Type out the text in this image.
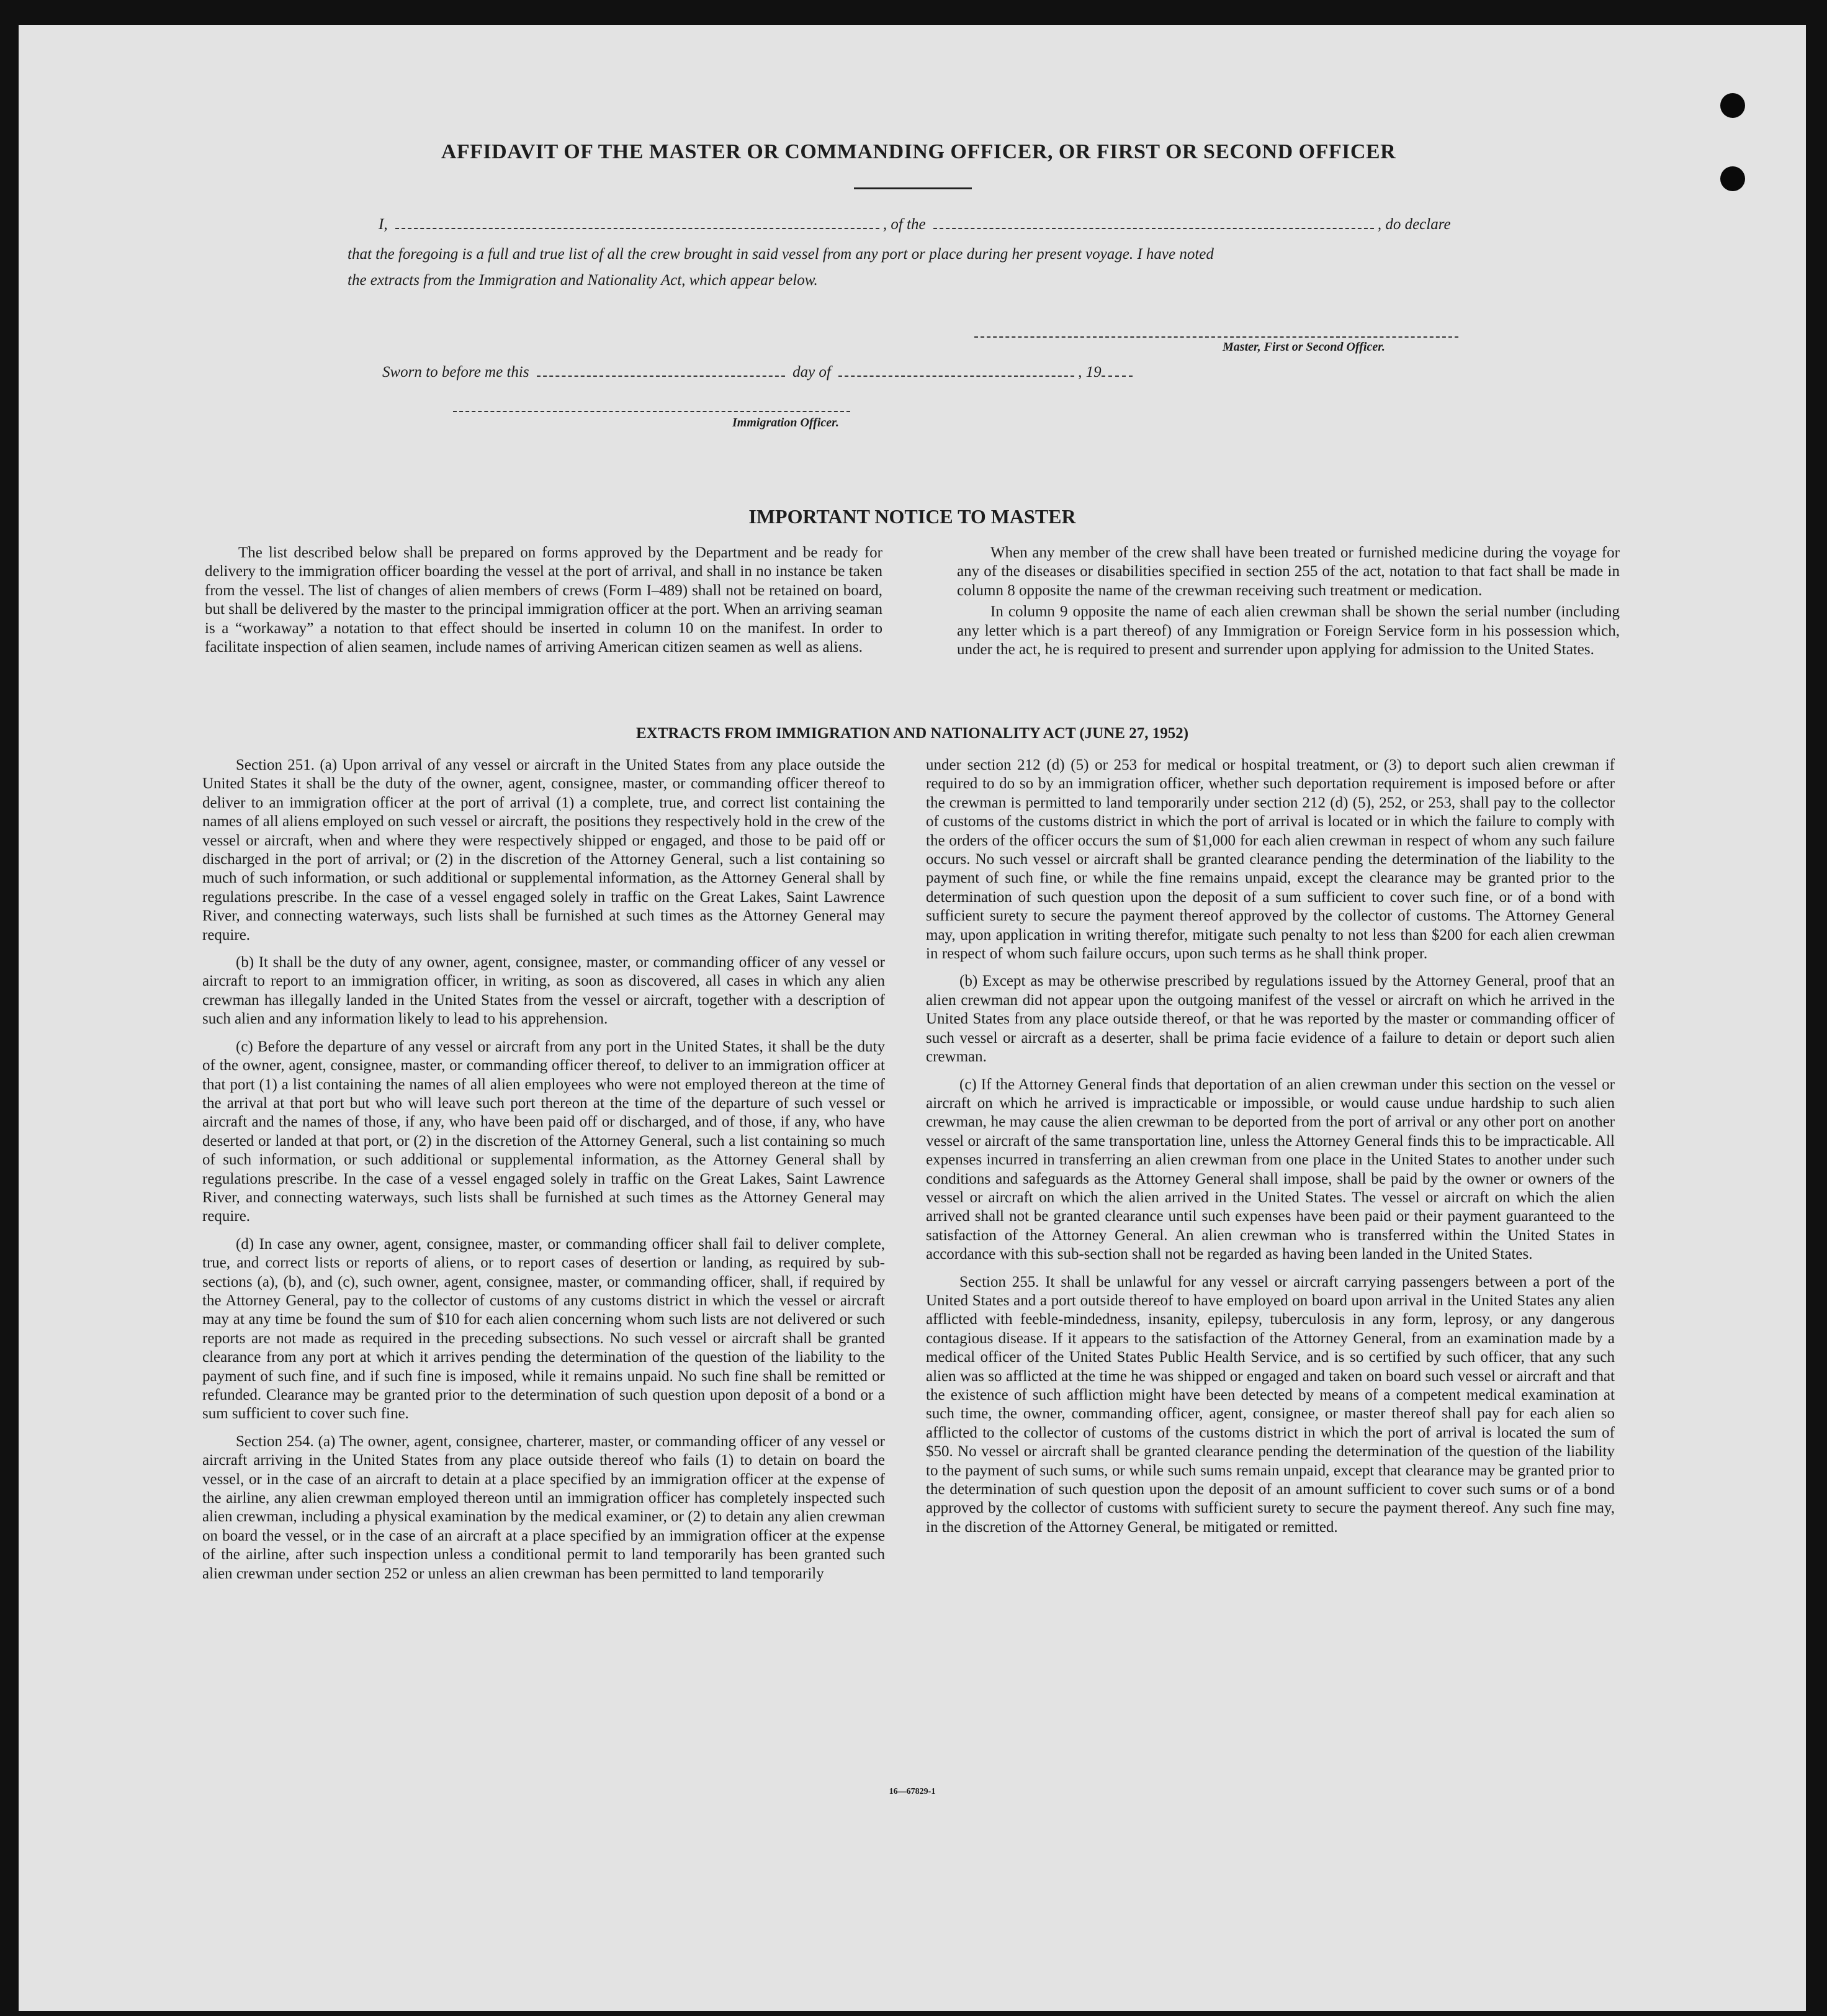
AFFIDAVIT OF THE MASTER OR COMMANDING OFFICER, OR FIRST OR SECOND OFFICER
I,	, of the	, do declare
that the foregoing is a full and true list of all the crew brought in said vessel from any port or place during her present voyage. I have noted
the extracts from the Immigration and Nationality Act, which appear below.
Master, First or Second Officer.
Sworn to before me this	day of	, 19
Immigration Officer.
IMPORTANT NOTICE TO MASTER

The list described below shall be prepared on forms approved by the Department and be ready for delivery to the immigration officer boarding the vessel at the port of arrival, and shall in no instance be taken from the vessel. The list of changes of alien members of crews (Form I–489) shall not be retained on board, but shall be delivered by the master to the principal immigration officer at the port. When an arriving seaman is a “workaway” a notation to that effect should be inserted in column 10 on the manifest. In order to facilitate inspection of alien seamen, include names of arriving American citizen seamen as well as aliens.

When any member of the crew shall have been treated or furnished medicine during the voyage for any of the diseases or disabilities specified in section 255 of the act, notation to that fact shall be made in column 8 opposite the name of the crewman receiving such treatment or medication.

In column 9 opposite the name of each alien crewman shall be shown the serial number (including any letter which is a part thereof) of any Immigration or Foreign Service form in his possession which, under the act, he is required to present and surrender upon applying for admission to the United States.

EXTRACTS FROM IMMIGRATION AND NATIONALITY ACT (JUNE 27, 1952)

Section 251. (a) Upon arrival of any vessel or aircraft in the United States from any place outside the United States it shall be the duty of the owner, agent, consignee, master, or commanding officer thereof to deliver to an immigration officer at the port of arrival (1) a complete, true, and correct list containing the names of all aliens employed on such vessel or aircraft, the positions they respectively hold in the crew of the vessel or aircraft, when and where they were respectively shipped or engaged, and those to be paid off or discharged in the port of arrival; or (2) in the discretion of the Attorney General, such a list containing so much of such information, or such additional or supplemental information, as the Attorney General shall by regulations prescribe. In the case of a vessel engaged solely in traffic on the Great Lakes, Saint Lawrence River, and connecting waterways, such lists shall be furnished at such times as the Attorney General may require.

(b) It shall be the duty of any owner, agent, consignee, master, or commanding officer of any vessel or aircraft to report to an immigration officer, in writing, as soon as discovered, all cases in which any alien crewman has illegally landed in the United States from the vessel or aircraft, together with a description of such alien and any information likely to lead to his apprehension.

(c) Before the departure of any vessel or aircraft from any port in the United States, it shall be the duty of the owner, agent, consignee, master, or commanding officer thereof, to deliver to an immigration officer at that port (1) a list containing the names of all alien employees who were not employed thereon at the time of the arrival at that port but who will leave such port thereon at the time of the departure of such vessel or aircraft and the names of those, if any, who have been paid off or discharged, and of those, if any, who have deserted or landed at that port, or (2) in the discretion of the Attorney General, such a list containing so much of such information, or such additional or supplemental information, as the Attorney General shall by regulations prescribe. In the case of a vessel engaged solely in traffic on the Great Lakes, Saint Lawrence River, and connecting waterways, such lists shall be furnished at such times as the Attorney General may require.

(d) In case any owner, agent, consignee, master, or commanding officer shall fail to deliver complete, true, and correct lists or reports of aliens, or to report cases of desertion or landing, as required by sub-sections (a), (b), and (c), such owner, agent, consignee, master, or commanding officer, shall, if required by the Attorney General, pay to the collector of customs of any customs district in which the vessel or aircraft may at any time be found the sum of $10 for each alien concerning whom such lists are not delivered or such reports are not made as required in the preceding subsections. No such vessel or aircraft shall be granted clearance from any port at which it arrives pending the determination of the question of the liability to the payment of such fine, and if such fine is imposed, while it remains unpaid. No such fine shall be remitted or refunded. Clearance may be granted prior to the determination of such question upon deposit of a bond or a sum sufficient to cover such fine.

Section 254. (a) The owner, agent, consignee, charterer, master, or commanding officer of any vessel or aircraft arriving in the United States from any place outside thereof who fails (1) to detain on board the vessel, or in the case of an aircraft to detain at a place specified by an immigration officer at the expense of the airline, any alien crewman employed thereon until an immigration officer has completely inspected such alien crewman, including a physical examination by the medical examiner, or (2) to detain any alien crewman on board the vessel, or in the case of an aircraft at a place specified by an immigration officer at the expense of the airline, after such inspection unless a conditional permit to land temporarily has been granted such alien crewman under section 252 or unless an alien crewman has been permitted to land temporarily

under section 212 (d) (5) or 253 for medical or hospital treatment, or (3) to deport such alien crewman if required to do so by an immigration officer, whether such deportation requirement is imposed before or after the crewman is permitted to land temporarily under section 212 (d) (5), 252, or 253, shall pay to the collector of customs of the customs district in which the port of arrival is located or in which the failure to comply with the orders of the officer occurs the sum of $1,000 for each alien crewman in respect of whom any such failure occurs. No such vessel or aircraft shall be granted clearance pending the determination of the liability to the payment of such fine, or while the fine remains unpaid, except the clearance may be granted prior to the determination of such question upon the deposit of a sum sufficient to cover such fine, or of a bond with sufficient surety to secure the payment thereof approved by the collector of customs. The Attorney General may, upon application in writing therefor, mitigate such penalty to not less than $200 for each alien crewman in respect of whom such failure occurs, upon such terms as he shall think proper.

(b) Except as may be otherwise prescribed by regulations issued by the Attorney General, proof that an alien crewman did not appear upon the outgoing manifest of the vessel or aircraft on which he arrived in the United States from any place outside thereof, or that he was reported by the master or commanding officer of such vessel or aircraft as a deserter, shall be prima facie evidence of a failure to detain or deport such alien crewman.

(c) If the Attorney General finds that deportation of an alien crewman under this section on the vessel or aircraft on which he arrived is impracticable or impossible, or would cause undue hardship to such alien crewman, he may cause the alien crewman to be deported from the port of arrival or any other port on another vessel or aircraft of the same transportation line, unless the Attorney General finds this to be impracticable. All expenses incurred in transferring an alien crewman from one place in the United States to another under such conditions and safeguards as the Attorney General shall impose, shall be paid by the owner or owners of the vessel or aircraft on which the alien arrived in the United States. The vessel or aircraft on which the alien arrived shall not be granted clearance until such expenses have been paid or their payment guaranteed to the satisfaction of the Attorney General. An alien crewman who is transferred within the United States in accordance with this sub-section shall not be regarded as having been landed in the United States.

Section 255. It shall be unlawful for any vessel or aircraft carrying passengers between a port of the United States and a port outside thereof to have employed on board upon arrival in the United States any alien afflicted with feeble-mindedness, insanity, epilepsy, tuberculosis in any form, leprosy, or any dangerous contagious disease. If it appears to the satisfaction of the Attorney General, from an examination made by a medical officer of the United States Public Health Service, and is so certified by such officer, that any such alien was so afflicted at the time he was shipped or engaged and taken on board such vessel or aircraft and that the existence of such affliction might have been detected by means of a competent medical examination at such time, the owner, commanding officer, agent, consignee, or master thereof shall pay for each alien so afflicted to the collector of customs of the customs district in which the port of arrival is located the sum of $50. No vessel or aircraft shall be granted clearance pending the determination of the question of the liability to the payment of such sums, or while such sums remain unpaid, except that clearance may be granted prior to the determination of such question upon the deposit of an amount sufficient to cover such sums or of a bond approved by the collector of customs with sufficient surety to secure the payment thereof. Any such fine may, in the discretion of the Attorney General, be mitigated or remitted.

16—67829-1
